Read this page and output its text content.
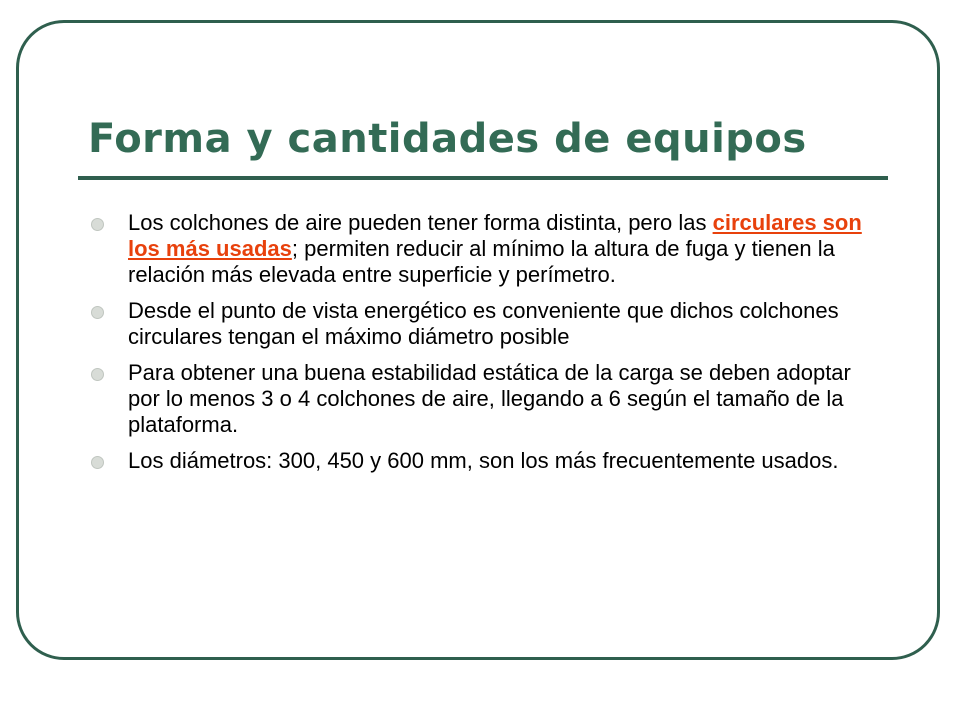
Forma y cantidades de equipos
Los colchones de aire pueden tener forma distinta, pero las circulares son los más usadas; permiten reducir al mínimo la altura de fuga y tienen la relación más elevada entre superficie y perímetro.
Desde el punto de vista energético es conveniente que dichos colchones circulares tengan el máximo diámetro posible
Para obtener una buena estabilidad estática de la carga se deben adoptar por lo menos 3 o 4 colchones de aire, llegando a 6 según el tamaño de la plataforma.
Los diámetros: 300, 450 y 600 mm, son los más frecuentemente usados.
